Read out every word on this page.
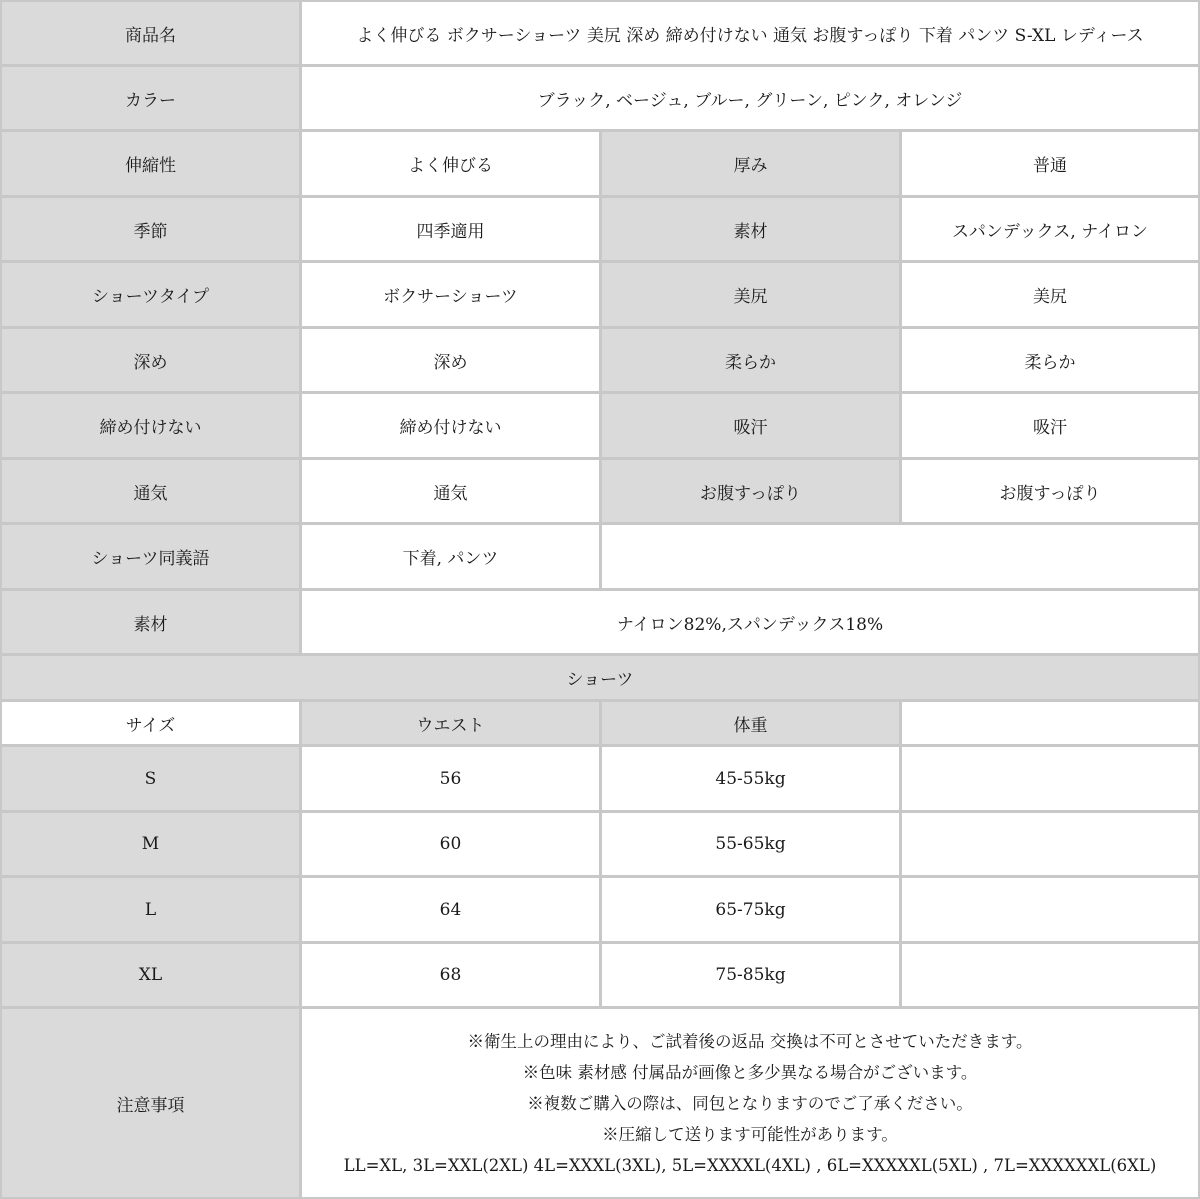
商品名	よく伸びる ボクサーショーツ 美尻 深め 締め付けない 通気 お腹すっぽり 下着 パンツ S-XL レディース
カラー	ブラック, ベージュ, ブルー, グリーン, ピンク, オレンジ
伸縮性	よく伸びる	厚み	普通
季節	四季適用	素材	スパンデックス, ナイロン
ショーツタイプ	ボクサーショーツ	美尻	美尻
深め	深め	柔らか	柔らか
締め付けない	締め付けない	吸汗	吸汗
通気	通気	お腹すっぽり	お腹すっぽり
ショーツ同義語	下着, パンツ
素材	ナイロン82%,スパンデックス18%
ショーツ
サイズ	ウエスト	体重
S	56	45-55kg
M	60	55-65kg
L	64	65-75kg
XL	68	75-85kg
注意事項
※衛生上の理由により、ご試着後の返品 交換は不可とさせていただきます。
※色味 素材感 付属品が画像と多少異なる場合がございます。
※複数ご購入の際は、同包となりますのでご了承ください。
※圧縮して送ります可能性があります。
LL=XL, 3L=XXL(2XL) 4L=XXXL(3XL), 5L=XXXXL(4XL) , 6L=XXXXXL(5XL) , 7L=XXXXXXL(6XL)
